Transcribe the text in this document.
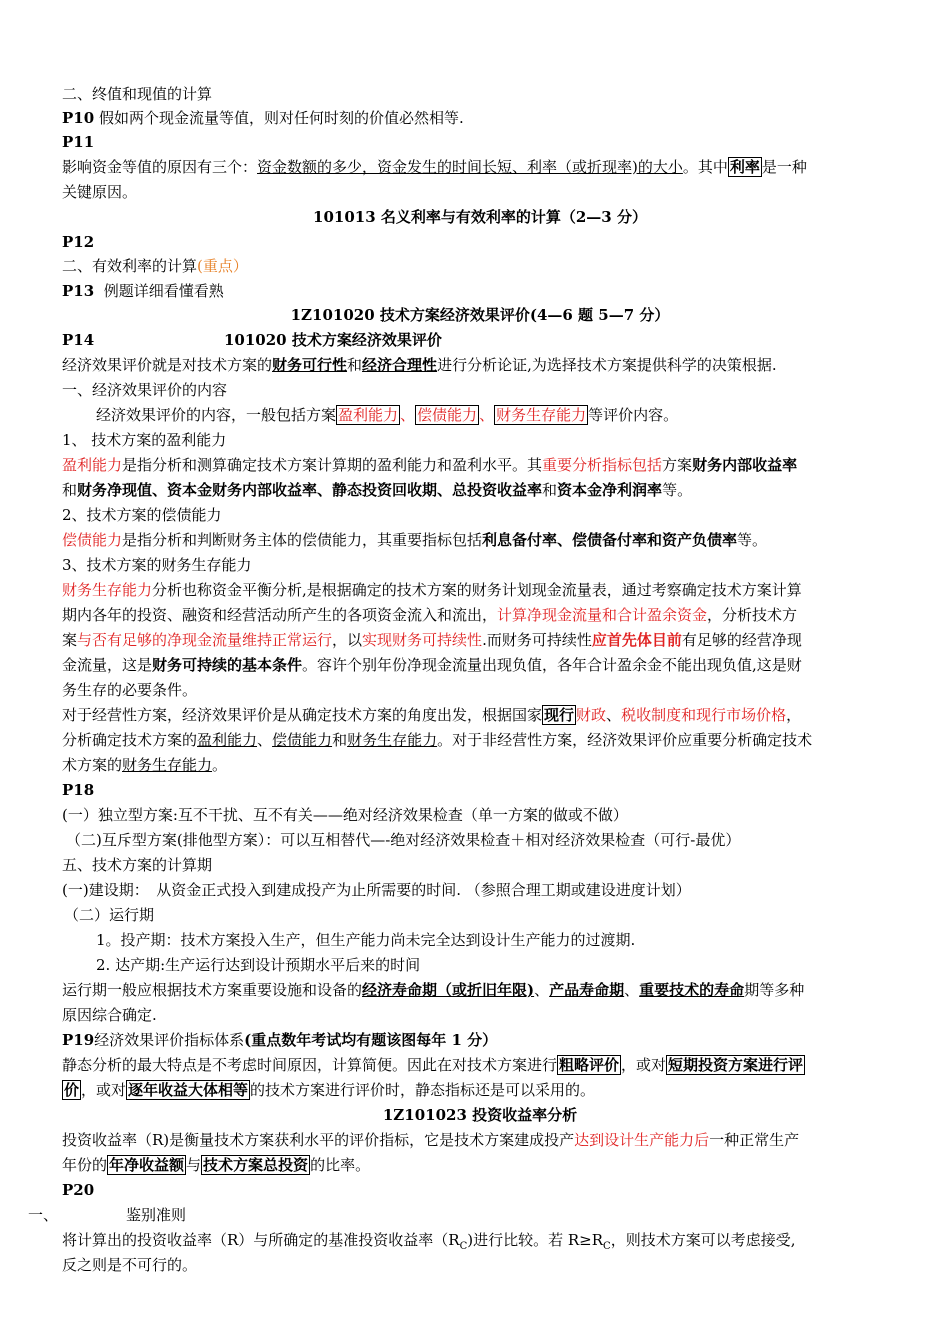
二、终值和现值的计算
P10 假如两个现金流量等值，则对任何时刻的价值必然相等.
P11
影响资金等值的原因有三个：资金数额的多少，资金发生的时间长短、利率（或折现率)的大小。其中 利率 是一种
关键原因。
101013 名义利率与有效利率的计算（2—3 分）
P12
二、有效利率的计算(重点）
P13 例题详细看懂看熟
1Z101020 技术方案经济效果评价(4—6 题 5—7 分）
P14	101020 技术方案经济效果评价
经济效果评价就是对技术方案的财务可行性和经济合理性进行分析论证,为选择技术方案提供科学的决策根据.
一、经济效果评价的内容
经济效果评价的内容，一般包括方案 盈利能力 、 偿债能力 、 财务生存能力 等评价内容。
1、 技术方案的盈利能力
盈利能力是指分析和测算确定技术方案计算期的盈利能力和盈利水平。其重要分析指标包括方案财务内部收益率
和财务净现值、资本金财务内部收益率、静态投资回收期、总投资收益率和资本金净利润率等。
2、技术方案的偿债能力
偿债能力是指分析和判断财务主体的偿债能力，其重要指标包括利息备付率、偿债备付率和资产负债率等。
3、技术方案的财务生存能力
财务生存能力分析也称资金平衡分析,是根据确定的技术方案的财务计划现金流量表，通过考察确定技术方案计算
期内各年的投资、融资和经营活动所产生的各项资金流入和流出，计算净现金流量和合计盈余资金，分析技术方
案与否有足够的净现金流量维持正常运行，以实现财务可持续性.而财务可持续性应首先体目前有足够的经营净现
金流量，这是财务可持续的基本条件。容许个别年份净现金流量出现负值，各年合计盈余金不能出现负值,这是财
务生存的必要条件。
对于经营性方案，经济效果评价是从确定技术方案的角度出发，根据国家 现行 财政、税收制度和现行市场价格，
分析确定技术方案的盈利能力、偿债能力和财务生存能力。对于非经营性方案，经济效果评价应重要分析确定技术
术方案的财务生存能力。
P18
(一）独立型方案:互不干扰、互不有关——绝对经济效果检查（单一方案的做或不做）
（二)互斥型方案(排他型方案）：可以互相替代—-绝对经济效果检查＋相对经济效果检查（可行-最优）
五、技术方案的计算期
(一)建设期：　从资金正式投入到建成投产为止所需要的时间. （参照合理工期或建设进度计划）
（二）运行期
1。投产期：技术方案投入生产，但生产能力尚未完全达到设计生产能力的过渡期.
2. 达产期:生产运行达到设计预期水平后来的时间
运行期一般应根据技术方案重要设施和设备的经济寿命期（或折旧年限)、产品寿命期、重要技术的寿命期等多种
原因综合确定.
P19经济效果评价指标体系(重点数年考试均有题该图每年 1 分）
静态分析的最大特点是不考虑时间原因，计算简便。因此在对技术方案进行 粗略评价 ，或对 短期投资方案进行评
价 ，或对 逐年收益大体相等 的技术方案进行评价时，静态指标还是可以采用的。
1Z101023 投资收益率分析
投资收益率（R)是衡量技术方案获利水平的评价指标，它是技术方案建成投产达到设计生产能力后一种正常生产
年份的 年净收益额 与 技术方案总投资 的比率。
P20
一、	鉴别准则
将计算出的投资收益率（R）与所确定的基准投资收益率$(R_C)$进行比较。若 $R\ge R_C$，则技术方案可以考虑接受,
反之则是不可行的。
